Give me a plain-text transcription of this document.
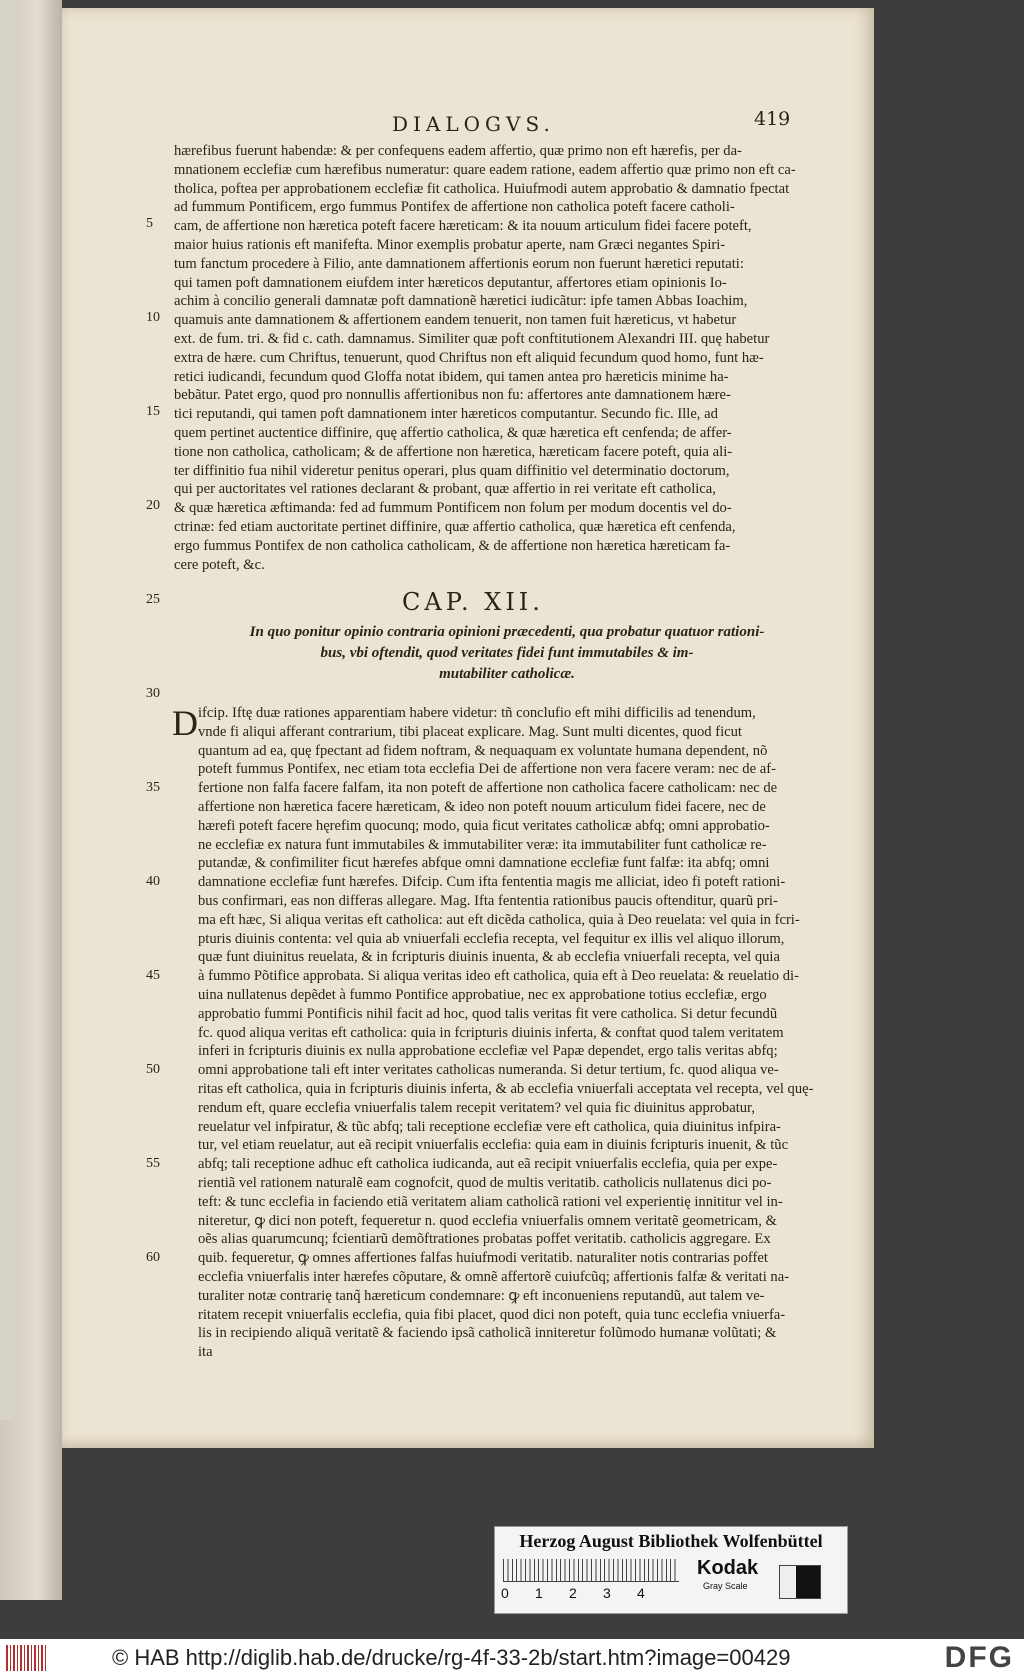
DIALOGVS.	419
hærefibus fuerunt habendæ: & per confequens eadem affertio, quæ primo non eft hærefis, per da-
mnationem ecclefiæ cum hærefibus numeratur: quare eadem ratione, eadem affertio quæ primo non eft ca-
tholica, poftea per approbationem ecclefiæ fit catholica. Huiufmodi autem approbatio & damnatio fpectat
ad fummum Pontificem, ergo fummus Pontifex de affertione non catholica poteft facere catholi-
cam, de affertione non hæretica poteft facere hæreticam: & ita nouum articulum fidei facere poteft,
maior huius rationis eft manifefta. Minor exemplis probatur aperte, nam Græci negantes Spiri-
tum fanctum procedere à Filio, ante damnationem affertionis eorum non fuerunt hæretici reputati:
qui tamen poft damnationem eiufdem inter hæreticos deputantur, affertores etiam opinionis Io-
achim à concilio generali damnatæ poft damnationẽ hæretici iudicãtur: ipfe tamen Abbas Ioachim,
quamuis ante damnationem & affertionem eandem tenuerit, non tamen fuit hæreticus, vt habetur
ext. de fum. tri. & fid c. cath. damnamus. Similiter quæ poft conftitutionem Alexandri III. quę habetur
extra de hære. cum Chriftus, tenuerunt, quod Chriftus non eft aliquid fecundum quod homo, funt hæ-
retici iudicandi, fecundum quod Gloffa notat ibidem, qui tamen antea pro hæreticis minime ha-
bebãtur. Patet ergo, quod pro nonnullis affertionibus non fu: affertores ante damnationem hære-
tici reputandi, qui tamen poft damnationem inter hæreticos computantur. Secundo fic. Ille, ad
quem pertinet auctentice diffinire, quę affertio catholica, & quæ hæretica eft cenfenda; de affer-
tione non catholica, catholicam; & de affertione non hæretica, hæreticam facere poteft, quia ali-
ter diffinitio fua nihil videretur penitus operari, plus quam diffinitio vel determinatio doctorum,
qui per auctoritates vel rationes declarant & probant, quæ affertio in rei veritate eft catholica,
& quæ hæretica æftimanda: fed ad fummum Pontificem non folum per modum docentis vel do-
ctrinæ: fed etiam auctoritate pertinet diffinire, quæ affertio catholica, quæ hæretica eft cenfenda,
ergo fummus Pontifex de non catholica catholicam, & de affertione non hæretica hæreticam fa-
cere poteft, &c.
CAP. XII.
In quo ponitur opinio contraria opinioni præcedenti, qua probatur quatuor rationi-
bus, vbi oftendit, quod veritates fidei funt immutabiles & im-
mutabiliter catholicæ.
D ifcip. Iftę duæ rationes apparentiam habere videtur: tñ conclufio eft mihi difficilis ad tenendum,
vnde fi aliqui afferant contrarium, tibi placeat explicare. Mag. Sunt multi dicentes, quod ficut
quantum ad ea, quę fpectant ad fidem noftram, & nequaquam ex voluntate humana dependent, nõ
poteft fummus Pontifex, nec etiam tota ecclefia Dei de affertione non vera facere veram: nec de af-
fertione non falfa facere falfam, ita non poteft de affertione non catholica facere catholicam: nec de
affertione non hæretica facere hæreticam, & ideo non poteft nouum articulum fidei facere, nec de
hærefi poteft facere hęrefim quocunq; modo, quia ficut veritates catholicæ abfq; omni approbatio-
ne ecclefiæ ex natura funt immutabiles & immutabiliter veræ: ita immutabiliter funt catholicæ re-
putandæ, & confimiliter ficut hærefes abfque omni damnatione ecclefiæ funt falfæ: ita abfq; omni
damnatione ecclefiæ funt hærefes. Difcip. Cum ifta fententia magis me alliciat, ideo fi poteft rationi-
bus confirmari, eas non differas allegare. Mag. Ifta fententia rationibus paucis oftenditur, quarũ pri-
ma eft hæc, Si aliqua veritas eft catholica: aut eft dicẽda catholica, quia à Deo reuelata: vel quia in fcri-
pturis diuinis contenta: vel quia ab vniuerfali ecclefia recepta, vel fequitur ex illis vel aliquo illorum,
quæ funt diuinitus reuelata, & in fcripturis diuinis inuenta, & ab ecclefia vniuerfali recepta, vel quia
à fummo Põtifice approbata. Si aliqua veritas ideo eft catholica, quia eft à Deo reuelata: & reuelatio di-
uina nullatenus depẽdet à fummo Pontifice approbatiue, nec ex approbatione totius ecclefiæ, ergo
approbatio fummi Pontificis nihil facit ad hoc, quod talis veritas fit vere catholica. Si detur fecundũ
fc. quod aliqua veritas eft catholica: quia in fcripturis diuinis inferta, & conftat quod talem veritatem
inferi in fcripturis diuinis ex nulla approbatione ecclefiæ vel Papæ dependet, ergo talis veritas abfq;
omni approbatione tali eft inter veritates catholicas numeranda. Si detur tertium, fc. quod aliqua ve-
ritas eft catholica, quia in fcripturis diuinis inferta, & ab ecclefia vniuerfali acceptata vel recepta, vel quę-
rendum eft, quare ecclefia vniuerfalis talem recepit veritatem? vel quia fic diuinitus approbatur,
reuelatur vel infpiratur, & tũc abfq; tali receptione ecclefiæ vere eft catholica, quia diuinitus infpira-
tur, vel etiam reuelatur, aut eã recipit vniuerfalis ecclefia: quia eam in diuinis fcripturis inuenit, & tũc
abfq; tali receptione adhuc eft catholica iudicanda, aut eã recipit vniuerfalis ecclefia, quia per expe-
rientiã vel rationem naturalẽ eam cognofcit, quod de multis veritatib. catholicis nullatenus dici po-
teft: & tunc ecclefia in faciendo etiã veritatem aliam catholicã rationi vel experientię innititur vel in-
niteretur, ꝙ dici non poteft, fequeretur n. quod ecclefia vniuerfalis omnem veritatẽ geometricam, &
oẽs alias quarumcunq; fcientiarũ demõftrationes probatas poffet veritatib. catholicis aggregare. Ex
quib. fequeretur, ꝙ omnes affertiones falfas huiufmodi veritatib. naturaliter notis contrarias poffet
ecclefia vniuerfalis inter hærefes cõputare, & omnẽ affertorẽ cuiufcũq; affertionis falfæ & veritati na-
turaliter notæ contrarię tanq̃ hæreticum condemnare: ꝙ eft inconueniens reputandũ, aut talem ve-
ritatem recepit vniuerfalis ecclefia, quia fibi placet, quod dici non poteft, quia tunc ecclefia vniuerfa-
lis in recipiendo aliquã veritatẽ & faciendo ipsã catholicã inniteretur folũmodo humanæ volũtati; &
ita
5
10
15
20
25
30
35
40
45
50
55
60
Herzog August Bibliothek Wolfenbüttel
0 1 2 3 4
Kodak
Gray Scale
© HAB http://diglib.hab.de/drucke/rg-4f-33-2b/start.htm?image=00429	DFG
